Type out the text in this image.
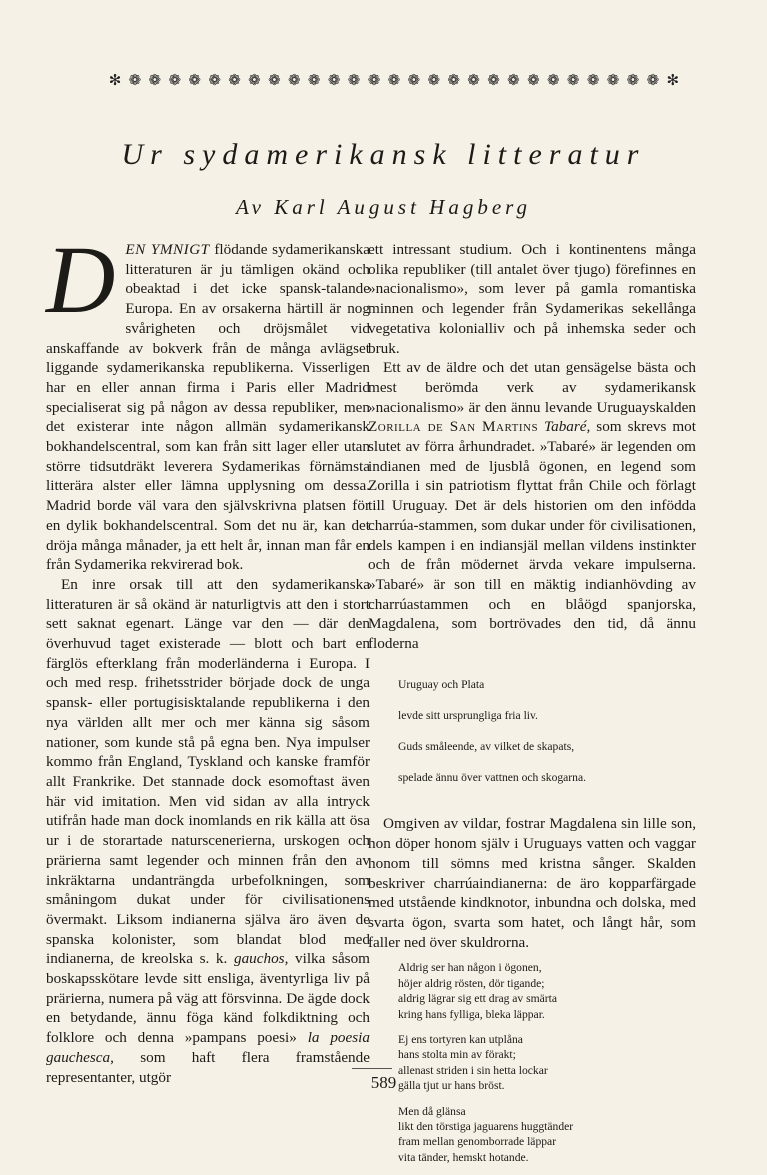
✻ ❁ ❁ ❁ ❁ ❁ ❁ ❁ ❁ ❁ ❁ ❁ ❁ ❁ ❁ ❁ ❁ ❁ ❁ ❁ ❁ ❁ ❁ ❁ ❁ ❁ ❁ ❁ ✻
Ur sydamerikansk litteratur
Av Karl August Hagberg

DEN YMNIGT flödande sydamerikanska litteraturen är ju tämligen okänd och obeaktad i det icke spansk-talande Europa. En av orsakerna härtill är nog svårigheten och dröjsmålet vid anskaffande av bokverk från de många avlägset liggande sydamerikanska republikerna. Visserligen har en eller annan firma i Paris eller Madrid specialiserat sig på någon av dessa republiker, men det existerar inte någon allmän sydamerikansk bokhandelscentral, som kan från sitt lager eller utan större tidsutdräkt leverera Sydamerikas förnämsta litterära alster eller lämna upplysning om dessa. Madrid borde väl vara den självskrivna platsen för en dylik bokhandelscentral. Som det nu är, kan det dröja många månader, ja ett helt år, innan man får en från Sydamerika rekvirerad bok.

En inre orsak till att den sydamerikanska litteraturen är så okänd är naturligtvis att den i stort sett saknat egenart. Länge var den — där den överhuvud taget existerade — blott och bart en färglös efterklang från moderländerna i Europa. I och med resp. frihetsstrider började dock de unga spansk- eller portugisisktalande republikerna i den nya världen allt mer och mer känna sig såsom nationer, som kunde stå på egna ben. Nya impulser kommo från England, Tyskland och kanske framför allt Frankrike. Det stannade dock esomoftast även här vid imitation. Men vid sidan av alla intryck utifrån hade man dock inomlands en rik källa att ösa ur i de storartade naturscenerierna, urskogen och prärierna samt legender och minnen från den av inkräktarna undanträngda urbefolkningen, som småningom dukat under för civilisationens övermakt. Liksom indianerna själva äro även de spanska kolonister, som blandat blod med indianerna, de kreolska s. k. gauchos, vilka såsom boskapsskötare levde sitt ensliga, äventyrliga liv på prärierna, numera på väg att försvinna. De ägde dock en betydande, ännu föga känd folkdiktning och folklore och denna »pampans poesi» la poesia gauchesca, som haft flera framstående representanter, utgör

ett intressant studium. Och i kontinentens många olika republiker (till antalet över tjugo) förefinnes en »nacionalismo», som lever på gamla romantiska minnen och legender från Sydamerikas sekellånga vegetativa kolonialliv och på inhemska seder och bruk.

Ett av de äldre och det utan gensägelse bästa och mest berömda verk av sydamerikansk »nacionalismo» är den ännu levande Uruguayskalden Zorilla de San Martins Tabaré, som skrevs mot slutet av förra århundradet. »Tabaré» är legenden om indianen med de ljusblå ögonen, en legend som Zorilla i sin patriotism flyttat från Chile och förlagt till Uruguay. Det är dels historien om den infödda charrúa-stammen, som dukar under för civilisationen, dels kampen i en indiansjäl mellan vildens instinkter och de från mödernet ärvda vekare impulserna. »Tabaré» är son till en mäktig indianhövding av charrúastammen och en blåögd spanjorska, Magdalena, som bortrövades den tid, då ännu floderna

Uruguay och Plata

levde sitt ursprungliga fria liv.

Guds småleende, av vilket de skapats,

spelade ännu över vattnen och skogarna.

Omgiven av vildar, fostrar Magdalena sin lille son, hon döper honom själv i Uruguays vatten och vaggar honom till sömns med kristna sånger. Skalden beskriver charrúaindianerna: de äro kopparfärgade med utstående kindknotor, inbundna och dolska, med svarta ögon, svarta som hatet, och långt hår, som faller ned över skuldrorna.

Aldrig ser han någon i ögonen,
höjer aldrig rösten, dör tigande;
aldrig lägrar sig ett drag av smärta
kring hans fylliga, bleka läppar.
Ej ens tortyren kan utplåna
hans stolta min av förakt;
allenast striden i sin hetta lockar
gälla tjut ur hans bröst.
Men då glänsa
likt den törstiga jaguarens huggtänder
fram mellan genomborrade läppar
vita tänder, hemskt hotande.
589
